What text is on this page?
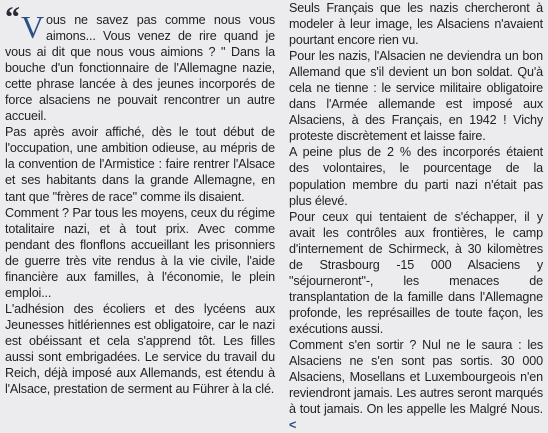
“ V ous ne savez pas comme nous vous aimons... Vous venez de rire quand je vous ai dit que nous vous aimions ? " Dans la bouche d'un fonctionnaire de l'Allemagne nazie, cette phrase lancée à des jeunes incorporés de force alsaciens ne pouvait rencontrer un autre accueil.

Pas après avoir affiché, dès le tout début de l'occupation, une ambition odieuse, au mépris de la convention de l'Armistice : faire rentrer l'Alsace et ses habitants dans la grande Allemagne, en tant que "frères de race" comme ils disaient.

Comment ? Par tous les moyens, ceux du régime totalitaire nazi, et à tout prix. Avec comme pendant des flonflons accueillant les prisonniers de guerre très vite rendus à la vie civile, l'aide financière aux familles, à l'économie, le plein emploi...

L'adhésion des écoliers et des lycéens aux Jeunesses hitlériennes est obligatoire, car le nazi est obéissant et cela s'apprend tôt. Les filles aussi sont embrigadées. Le service du travail du Reich, déjà imposé aux Allemands, est étendu à l'Alsace, prestation de serment au Führer à la clé.

Seuls Français que les nazis chercheront à modeler à leur image, les Alsaciens n'avaient pourtant encore rien vu.

Pour les nazis, l'Alsacien ne deviendra un bon Allemand que s'il devient un bon soldat. Qu'à cela ne tienne : le service militaire obligatoire dans l'Armée allemande est imposé aux Alsaciens, à des Français, en 1942 ! Vichy proteste discrètement et laisse faire.

A peine plus de 2 % des incorporés étaient des volontaires, le pourcentage de la population membre du parti nazi n'était pas plus élevé.

Pour ceux qui tentaient de s'échapper, il y avait les contrôles aux frontières, le camp d'internement de Schirmeck, à 30 kilomètres de Strasbourg -15 000 Alsaciens y "séjourneront"-, les menaces de transplantation de la famille dans l'Allemagne profonde, les représailles de toute façon, les exécutions aussi.

Comment s'en sortir ? Nul ne le saura : les Alsaciens ne s'en sont pas sortis. 30 000 Alsaciens, Mosellans et Luxembourgeois n'en reviendront jamais. Les autres seront marqués à tout jamais. On les appelle les Malgré Nous. <
